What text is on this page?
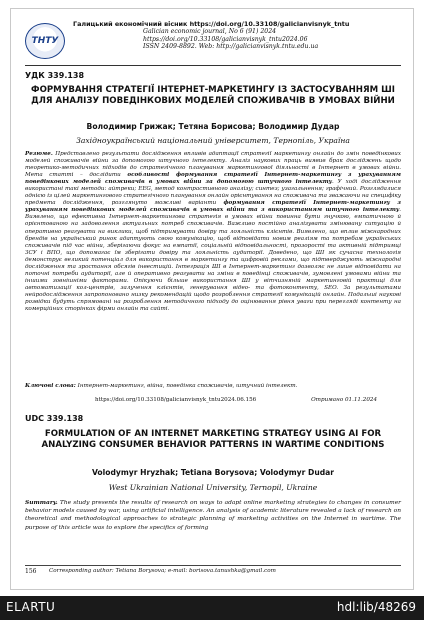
ТНТУ
Галицький економічний вісник https://doi.org/10.33108/galicianvisnyk_tntu
Galician economic journal, No 6 (91) 2024
https://doi.org/10.33108/galicianvisnyk_tntu2024.06
ISSN 2409-8892. Web: http://galicianvisnyk.tntu.edu.ua
УДК 339.138
ФОРМУВАННЯ СТРАТЕГІЇ ІНТЕРНЕТ-МАРКЕТИНГУ ІЗ ЗАСТОСУВАННЯМ ШІ ДЛЯ АНАЛІЗУ ПОВЕДІНКОВИХ МОДЕЛЕЙ СПОЖИВАЧІВ В УМОВАХ ВІЙНИ
Володимир Грижак; Тетяна Борисова; Володимир Дудар
Західноукраїнський національний університет, Тернопіль, Україна
Резюме. Представлено результати дослідження впливів адаптації стратегії маркетингу онлайн до змін поведінкових моделей споживачів війни за допомогою штучного інтелекту. Аналіз наукових праць виявив брак досліджень щодо теоретико-методичних підходів до стратегічного планування маркетингової діяльності в Інтернет в умовах війни. Мета статті – дослідити особливості формування стратегії Інтернет-маркетингу з урахуванням поведінкових моделей споживачів в умовах війни за допомогою штучного інтелекту. У ході дослідження використані такі методи: айтреки; EEG, метод контрастивного аналізу; синтез; узагальнення; графічний. Розглядалися однією із цілей маркетингового стратегічного планування онлайн орієнтування на споживача та зважаючи на специфіку предмета дослідження, розглянуто можливі варіанти формування стратегії Інтернет-маркетингу з урахуванням поведінкових моделей споживачів в умовах війни та з використанням штучного інтелекту. Виявлено, що ефективна Інтернет-маркетингова стратегія в умовах війни повинна бути гнучкою, емпатичною й орієнтованою на задоволення актуальних потреб споживачів. Важливо постійно аналізувати змінювану ситуацію й оперативно реагувати на виклики, щоб підтримувати довіру та лояльність клієнтів. Виявлено, що вплив міжнародних брендів на український ринок адаптують свою комунікацію, щоб відповідати новим реаліям та потребам українських споживачів під час війни, зберігаючи фокус на емпатії, соціальній відповідальності, прозорості та активній підтримці ЗСУ і ВПО, що допомагає їм зберігати довіру та лояльність аудиторії. Доведено, що ШІ як сучасна технологія демонструє великий потенціал для використання в маркетингу та цифровій реклами, що підтверджують міжнародні дослідження та зростання обсягів інвестицій. Інтеграція ШІ в Інтернет-маркетинг дозволяє не лише відповідати на поточні потреби аудиторії, але й оперативно реагувати на зміни в поведінці споживачів, зумовлені умовами війни та іншими зовнішніми факторами. Опікуючи більше використання ШІ у вітчизняній маркетинговій практиці для автоматизації кол-центрів, залучення клієнтів, генерування відео- та фотоконтенту, SEO. За результатами нейродослідження запропоновано низку рекомендацій щодо розроблення стратегії комунікацій онлайн. Подальші наукові розвідки будуть спрямовані на розроблення методичного підходу до оцінювання рівня уваги при перегляді контенту на комерційних сторінках фірми онлайн та сайті.
Ключові слова: Інтернет-маркетинг, війна, поведінка споживачів, штучний інтелект.
https://doi.org/10.33108/galicianvisnyk_tntu2024.06.156	Отримано 01.11.2024
UDC 339.138
FORMULATION OF AN INTERNET MARKETING STRATEGY USING AI FOR ANALYZING CONSUMER BEHAVIOR PATTERNS IN WARTIME CONDITIONS
Volodymyr Hryzhak; Tetiana Borysova; Volodymyr Dudar
West Ukrainian National University, Ternopil, Ukraine
Summary. The study presents the results of research on ways to adapt online marketing strategies to changes in consumer behavior models caused by war, using artificial intelligence. An analysis of academic literature revealed a lack of research on theoretical and methodological approaches to strategic planning of marketing activities on the Internet in wartime. The purpose of this article was to explore the specifics of forming
156 Corresponding author: Tetiana Borysova; e-mail: borisova.tanushka@gmail.com
ELARTU	hdl:lib/48269
